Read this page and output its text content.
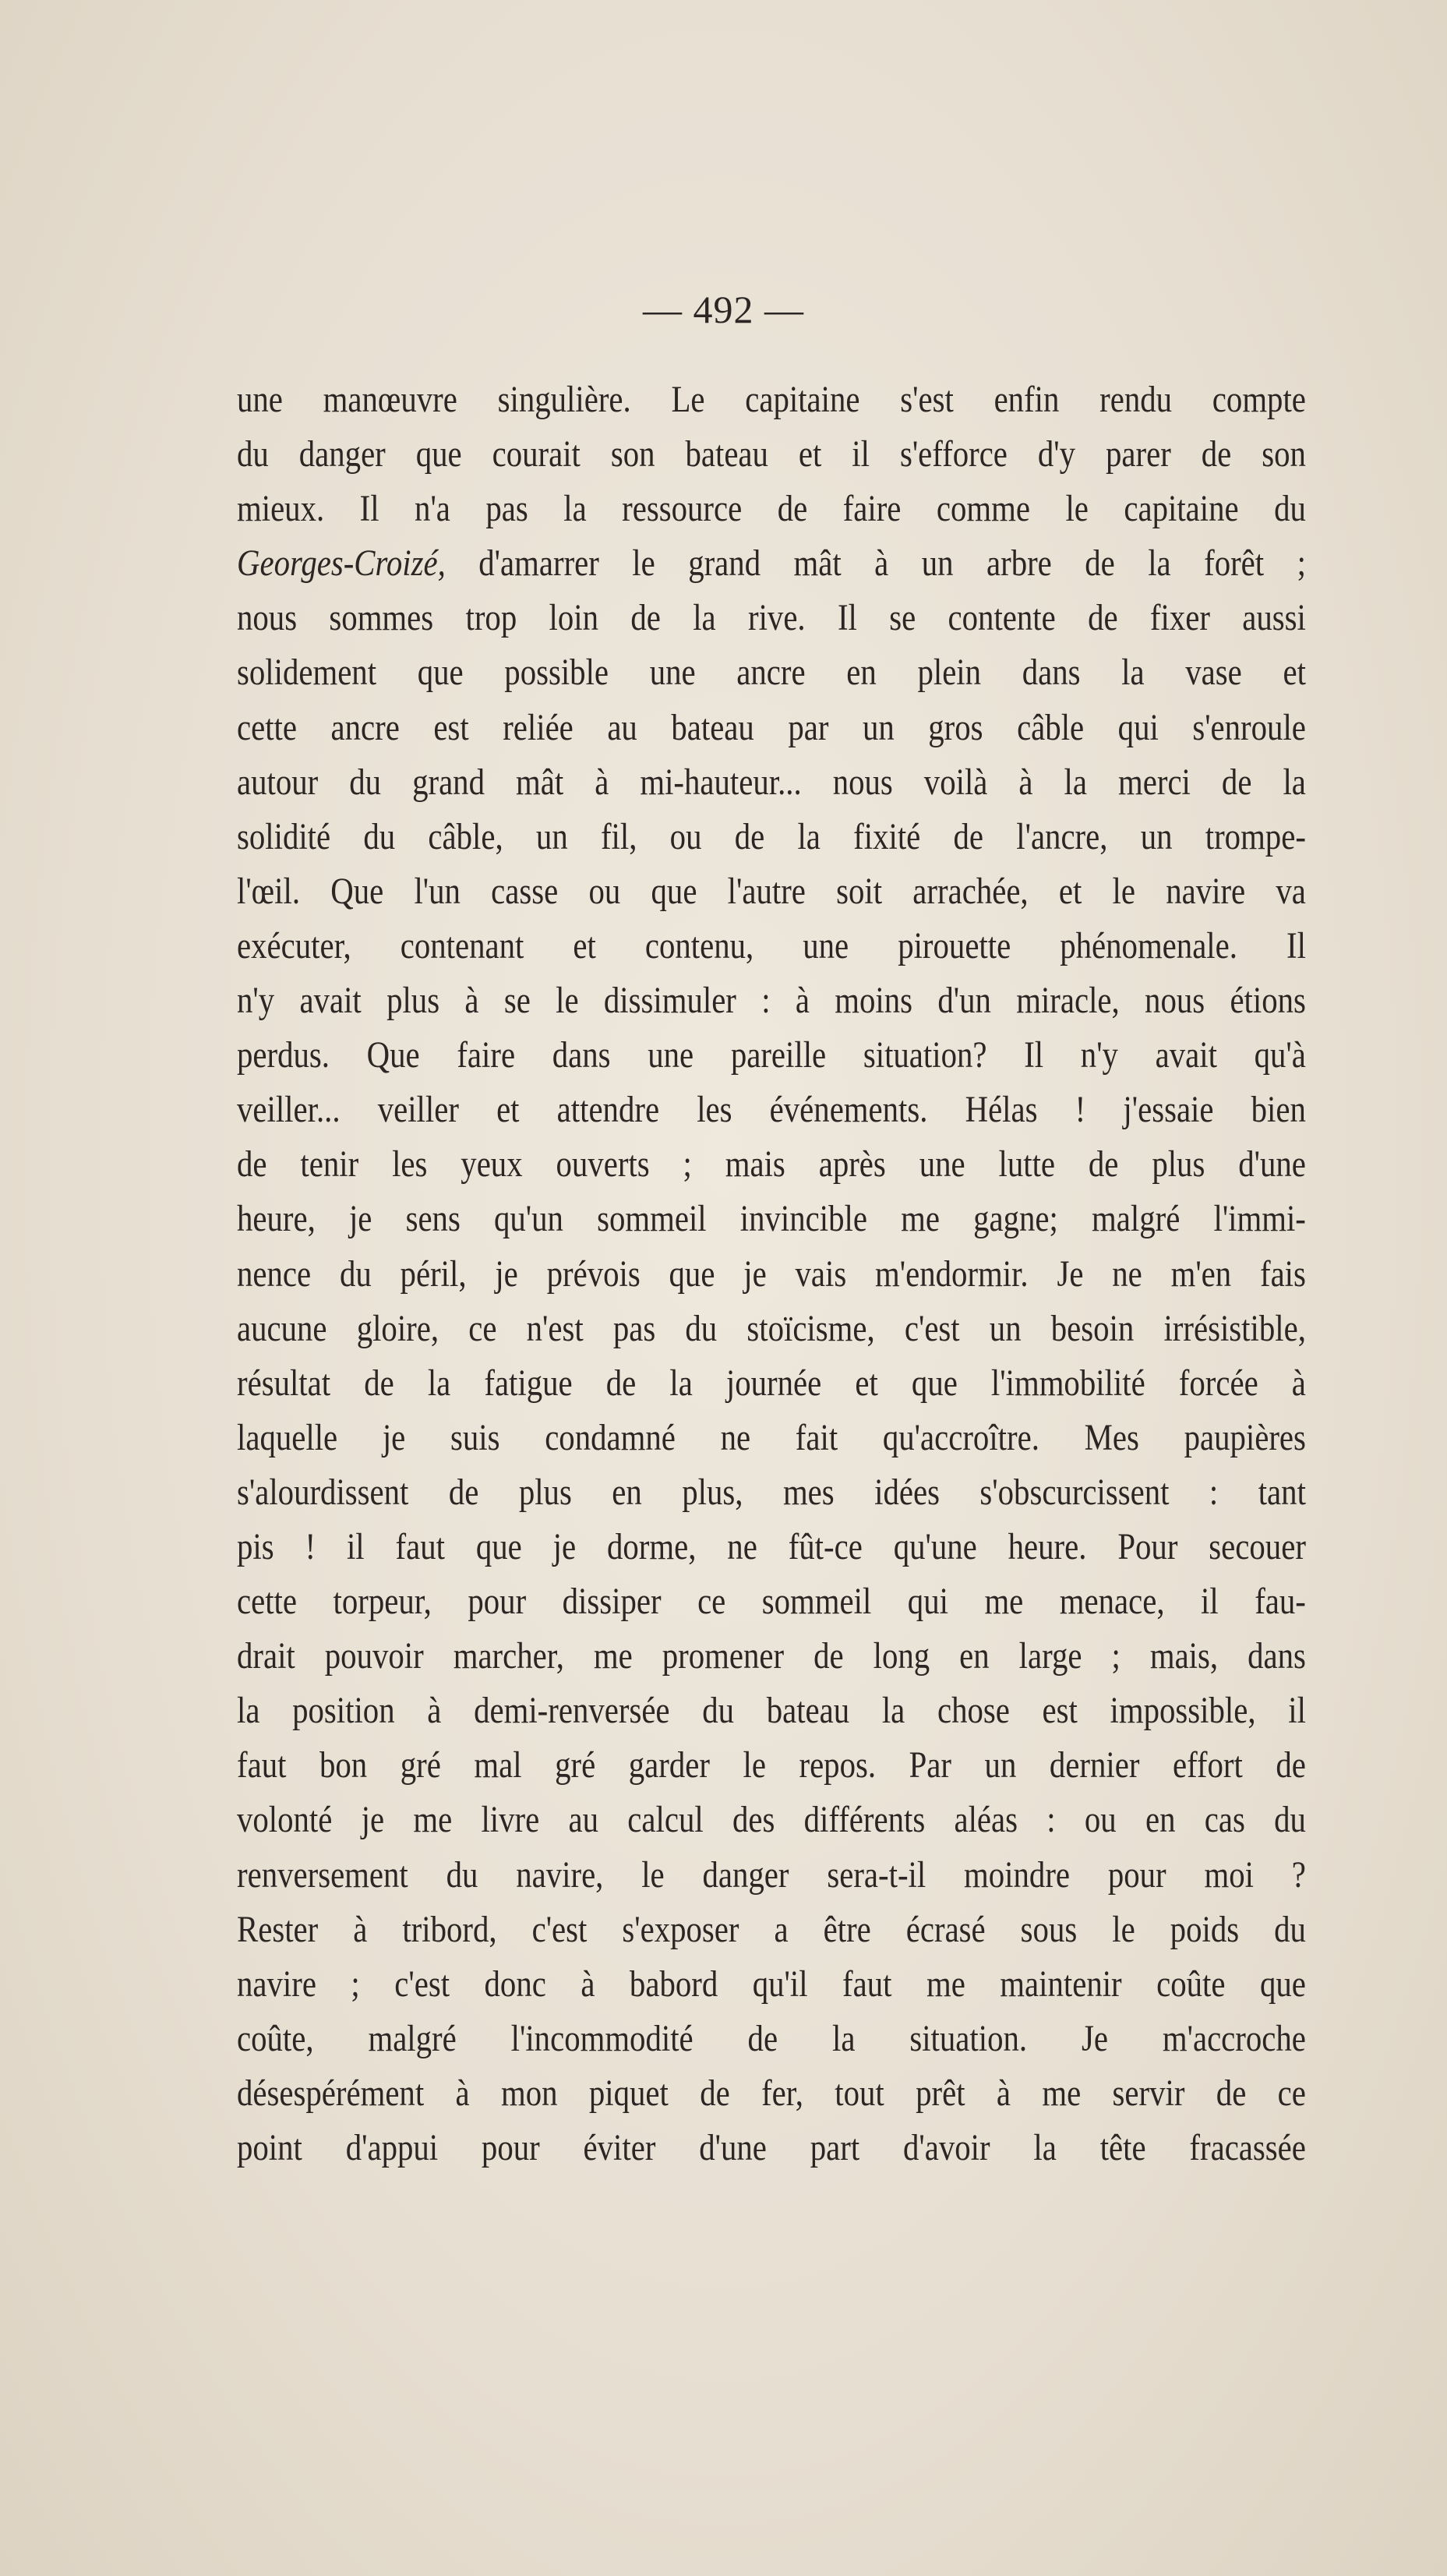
— 492 —
une manœuvre singulière. Le capitaine s'est enfin rendu compte
du danger que courait son bateau et il s'efforce d'y parer de son
mieux. Il n'a pas la ressource de faire comme le capitaine du
Georges-Croizé, d'amarrer le grand mât à un arbre de la forêt ;
nous sommes trop loin de la rive. Il se contente de fixer aussi
solidement que possible une ancre en plein dans la vase et
cette ancre est reliée au bateau par un gros câble qui s'enroule
autour du grand mât à mi-hauteur... nous voilà à la merci de la
solidité du câble, un fil, ou de la fixité de l'ancre, un trompe-
l'œil. Que l'un casse ou que l'autre soit arrachée, et le navire va
exécuter, contenant et contenu, une pirouette phénomenale. Il
n'y avait plus à se le dissimuler : à moins d'un miracle, nous étions
perdus. Que faire dans une pareille situation? Il n'y avait qu'à
veiller... veiller et attendre les événements. Hélas ! j'essaie bien
de tenir les yeux ouverts ; mais après une lutte de plus d'une
heure, je sens qu'un sommeil invincible me gagne; malgré l'immi-
nence du péril, je prévois que je vais m'endormir. Je ne m'en fais
aucune gloire, ce n'est pas du stoïcisme, c'est un besoin irrésistible,
résultat de la fatigue de la journée et que l'immobilité forcée à
laquelle je suis condamné ne fait qu'accroître. Mes paupières
s'alourdissent de plus en plus, mes idées s'obscurcissent : tant
pis ! il faut que je dorme, ne fût-ce qu'une heure. Pour secouer
cette torpeur, pour dissiper ce sommeil qui me menace, il fau-
drait pouvoir marcher, me promener de long en large ; mais, dans
la position à demi-renversée du bateau la chose est impossible, il
faut bon gré mal gré garder le repos. Par un dernier effort de
volonté je me livre au calcul des différents aléas : ou en cas du
renversement du navire, le danger sera-t-il moindre pour moi ?
Rester à tribord, c'est s'exposer a être écrasé sous le poids du
navire ; c'est donc à babord qu'il faut me maintenir coûte que
coûte, malgré l'incommodité de la situation. Je m'accroche
désespérément à mon piquet de fer, tout prêt à me servir de ce
point d'appui pour éviter d'une part d'avoir la tête fracassée
